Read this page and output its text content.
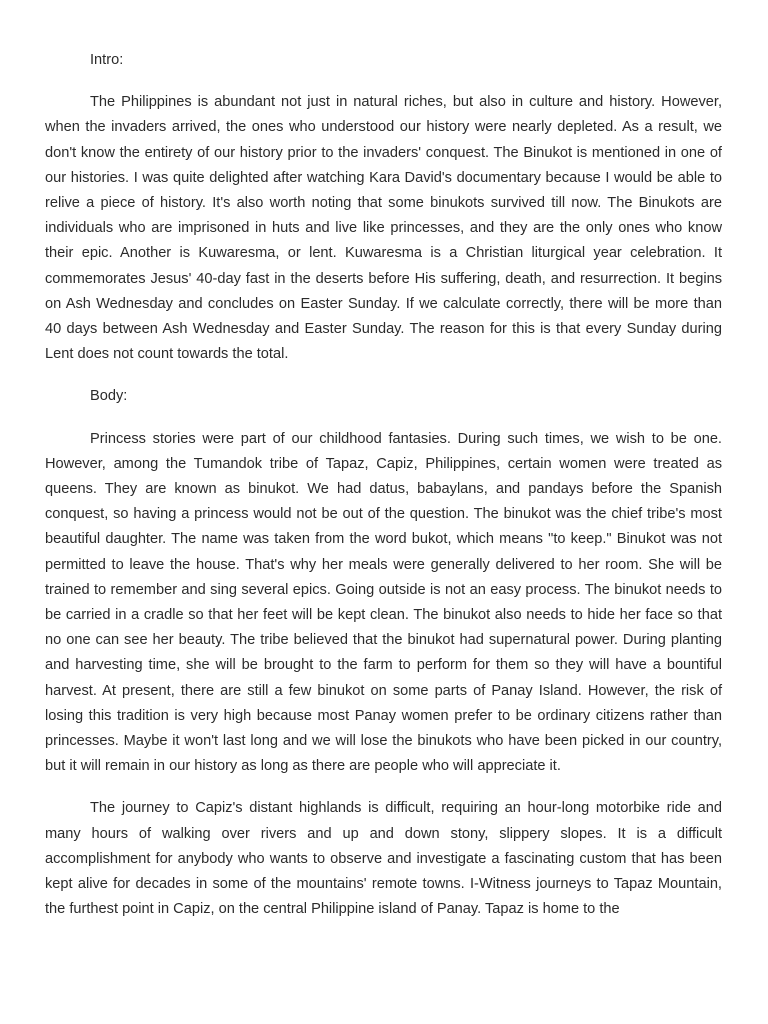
Intro:

The Philippines is abundant not just in natural riches, but also in culture and history. However, when the invaders arrived, the ones who understood our history were nearly depleted. As a result, we don't know the entirety of our history prior to the invaders' conquest. The Binukot is mentioned in one of our histories. I was quite delighted after watching Kara David's documentary because I would be able to relive a piece of history. It's also worth noting that some binukots survived till now. The Binukots are individuals who are imprisoned in huts and live like princesses, and they are the only ones who know their epic. Another is Kuwaresma, or lent. Kuwaresma is a Christian liturgical year celebration. It commemorates Jesus' 40-day fast in the deserts before His suffering, death, and resurrection. It begins on Ash Wednesday and concludes on Easter Sunday. If we calculate correctly, there will be more than 40 days between Ash Wednesday and Easter Sunday. The reason for this is that every Sunday during Lent does not count towards the total.

Body:

Princess stories were part of our childhood fantasies. During such times, we wish to be one. However, among the Tumandok tribe of Tapaz, Capiz, Philippines, certain women were treated as queens. They are known as binukot. We had datus, babaylans, and pandays before the Spanish conquest, so having a princess would not be out of the question. The binukot was the chief tribe's most beautiful daughter. The name was taken from the word bukot, which means "to keep." Binukot was not permitted to leave the house. That's why her meals were generally delivered to her room. She will be trained to remember and sing several epics. Going outside is not an easy process. The binukot needs to be carried in a cradle so that her feet will be kept clean. The binukot also needs to hide her face so that no one can see her beauty. The tribe believed that the binukot had supernatural power. During planting and harvesting time, she will be brought to the farm to perform for them so they will have a bountiful harvest. At present, there are still a few binukot on some parts of Panay Island. However, the risk of losing this tradition is very high because most Panay women prefer to be ordinary citizens rather than princesses. Maybe it won't last long and we will lose the binukots who have been picked in our country, but it will remain in our history as long as there are people who will appreciate it.

The journey to Capiz's distant highlands is difficult, requiring an hour-long motorbike ride and many hours of walking over rivers and up and down stony, slippery slopes. It is a difficult accomplishment for anybody who wants to observe and investigate a fascinating custom that has been kept alive for decades in some of the mountains' remote towns. I-Witness journeys to Tapaz Mountain, the furthest point in Capiz, on the central Philippine island of Panay. Tapaz is home to the
